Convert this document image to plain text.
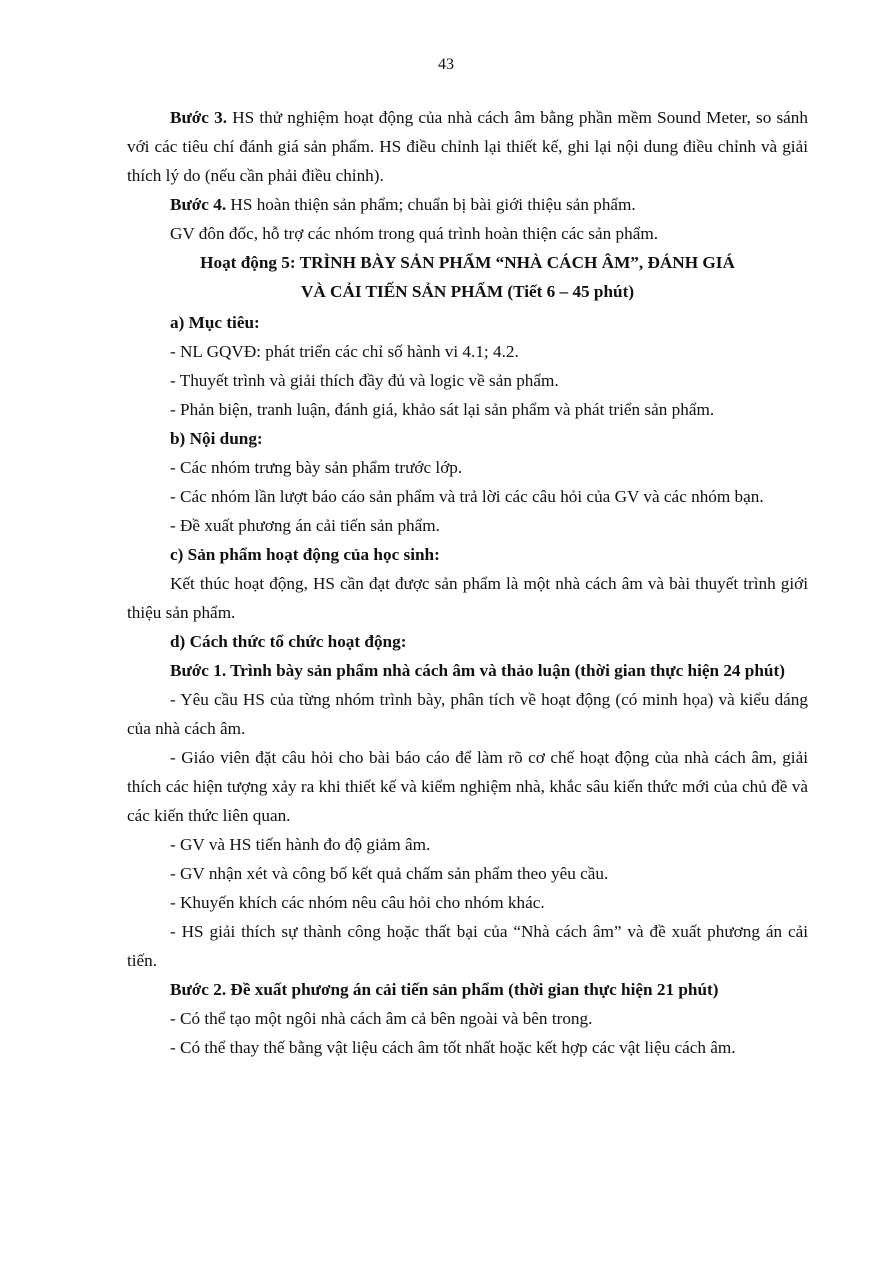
43

Bước 3. HS thử nghiệm hoạt động của nhà cách âm bằng phần mềm Sound Meter, so sánh với các tiêu chí đánh giá sản phẩm. HS điều chỉnh lại thiết kế, ghi lại nội dung điều chỉnh và giải thích lý do (nếu cần phải điều chỉnh).

Bước 4. HS hoàn thiện sản phẩm; chuẩn bị bài giới thiệu sản phẩm.

GV đôn đốc, hỗ trợ các nhóm trong quá trình hoàn thiện các sản phẩm.

Hoạt động 5: TRÌNH BÀY SẢN PHẨM “NHÀ CÁCH ÂM”, ĐÁNH GIÁ

VÀ CẢI TIẾN SẢN PHẨM (Tiết 6 – 45 phút)

a) Mục tiêu:

- NL GQVĐ: phát triển các chỉ số hành vi 4.1; 4.2.

- Thuyết trình và giải thích đầy đủ và logic về sản phẩm.

- Phản biện, tranh luận, đánh giá, khảo sát lại sản phẩm và phát triển sản phẩm.

b) Nội dung:

- Các nhóm trưng bày sản phẩm trước lớp.

- Các nhóm lần lượt báo cáo sản phẩm và trả lời các câu hỏi của GV và các nhóm bạn.

- Đề xuất phương án cải tiến sản phẩm.

c) Sản phẩm hoạt động của học sinh:

Kết thúc hoạt động, HS cần đạt được sản phẩm là một nhà cách âm và bài thuyết trình giới thiệu sản phẩm.

d) Cách thức tổ chức hoạt động:

Bước 1. Trình bày sản phẩm nhà cách âm và thảo luận (thời gian thực hiện 24 phút)

- Yêu cầu HS của từng nhóm trình bày, phân tích về hoạt động (có minh họa) và kiểu dáng của nhà cách âm.

- Giáo viên đặt câu hỏi cho bài báo cáo để làm rõ cơ chế hoạt động của nhà cách âm, giải thích các hiện tượng xảy ra khi thiết kế và kiểm nghiệm nhà, khắc sâu kiến thức mới của chủ đề và các kiến thức liên quan.

- GV và HS tiến hành đo độ giảm âm.

- GV nhận xét và công bố kết quả chấm sản phẩm theo yêu cầu.

- Khuyến khích các nhóm nêu câu hỏi cho nhóm khác.

- HS giải thích sự thành công hoặc thất bại của “Nhà cách âm” và đề xuất phương án cải tiến.

Bước 2. Đề xuất phương án cải tiến sản phẩm (thời gian thực hiện 21 phút)

- Có thể tạo một ngôi nhà cách âm cả bên ngoài và bên trong.

- Có thể thay thế bằng vật liệu cách âm tốt nhất hoặc kết hợp các vật liệu cách âm.
